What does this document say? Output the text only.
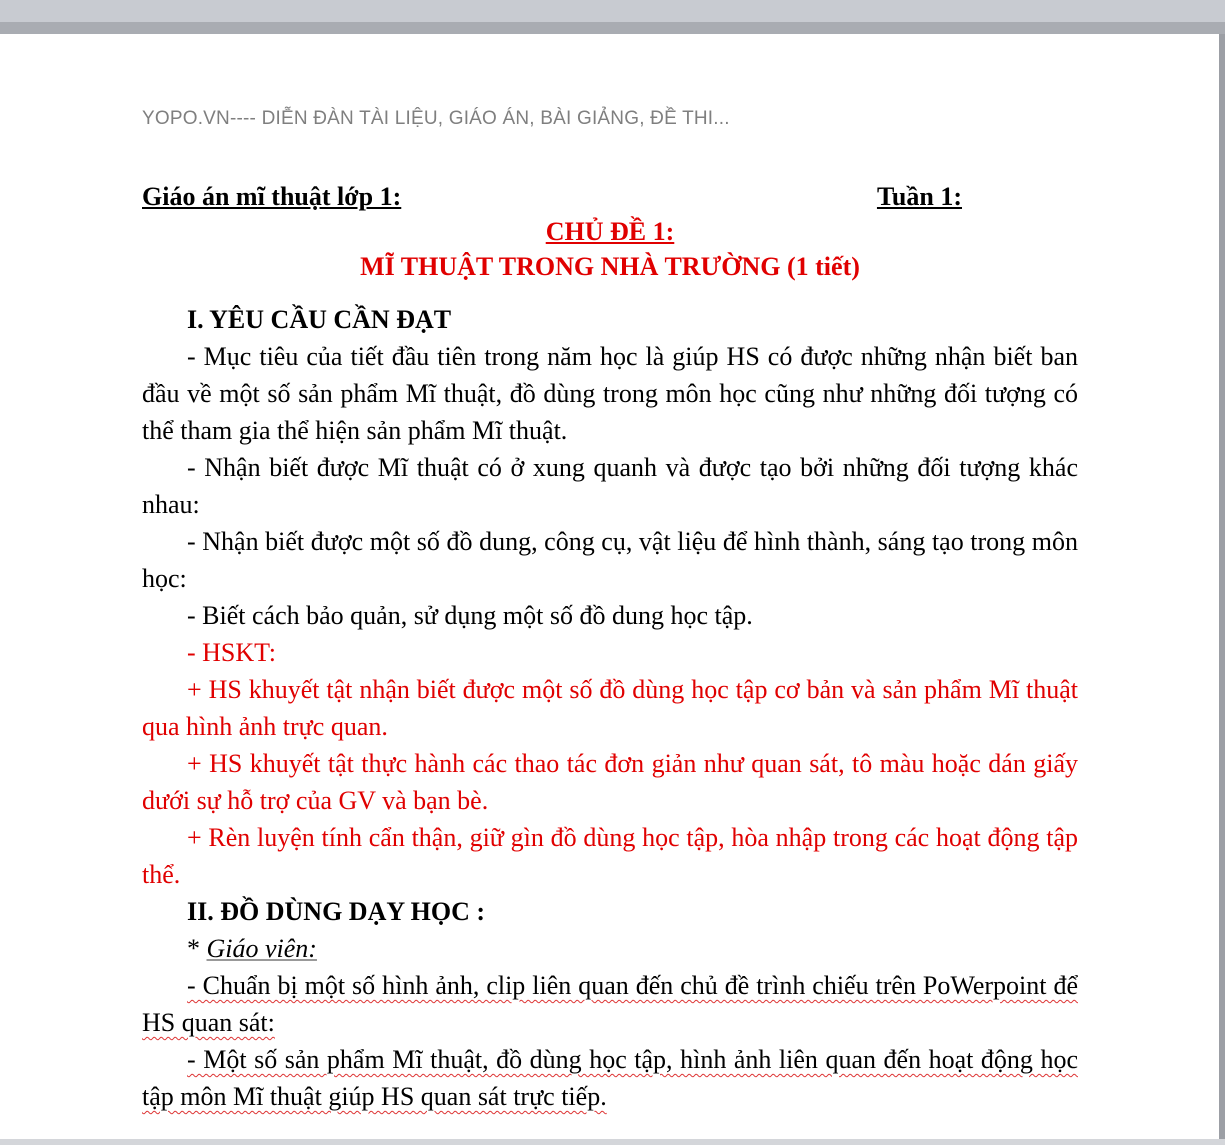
YOPO.VN---- DIỄN ĐÀN TÀI LIỆU, GIÁO ÁN, BÀI GIẢNG, ĐỀ THI...
Giáo án mĩ thuật lớp 1:	Tuần 1:
CHỦ ĐỀ 1:
MĨ THUẬT TRONG NHÀ TRƯỜNG (1 tiết)
I. YÊU CẦU CẦN ĐẠT

- Mục tiêu của tiết đầu tiên trong năm học là giúp HS có được những nhận biết ban đầu về một số sản phẩm Mĩ thuật, đồ dùng trong môn học cũng như những đối tượng có thể tham gia thể hiện sản phẩm Mĩ thuật.

- Nhận biết được Mĩ thuật có ở xung quanh và được tạo bởi những đối tượng khác nhau:

- Nhận biết được một số đồ dung, công cụ, vật liệu để hình thành, sáng tạo trong môn học:

- Biết cách bảo quản, sử dụng một số đồ dung học tập.

- HSKT:

+ HS khuyết tật nhận biết được một số đồ dùng học tập cơ bản và sản phẩm Mĩ thuật qua hình ảnh trực quan.

+ HS khuyết tật thực hành các thao tác đơn giản như quan sát, tô màu hoặc dán giấy dưới sự hỗ trợ của GV và bạn bè.

+ Rèn luyện tính cẩn thận, giữ gìn đồ dùng học tập, hòa nhập trong các hoạt động tập thể.

II. ĐỒ DÙNG DẠY HỌC :

* Giáo viên:

- Chuẩn bị một số hình ảnh, clip liên quan đến chủ đề trình chiếu trên PoWerpoint để HS quan sát:

- Một số sản phẩm Mĩ thuật, đồ dùng học tập, hình ảnh liên quan đến hoạt động học tập môn Mĩ thuật giúp HS quan sát trực tiếp.
